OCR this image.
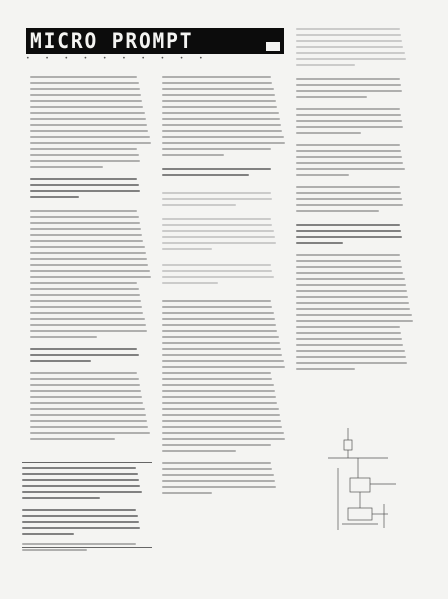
MICRO PROMPT
• • • • • • • • • •
